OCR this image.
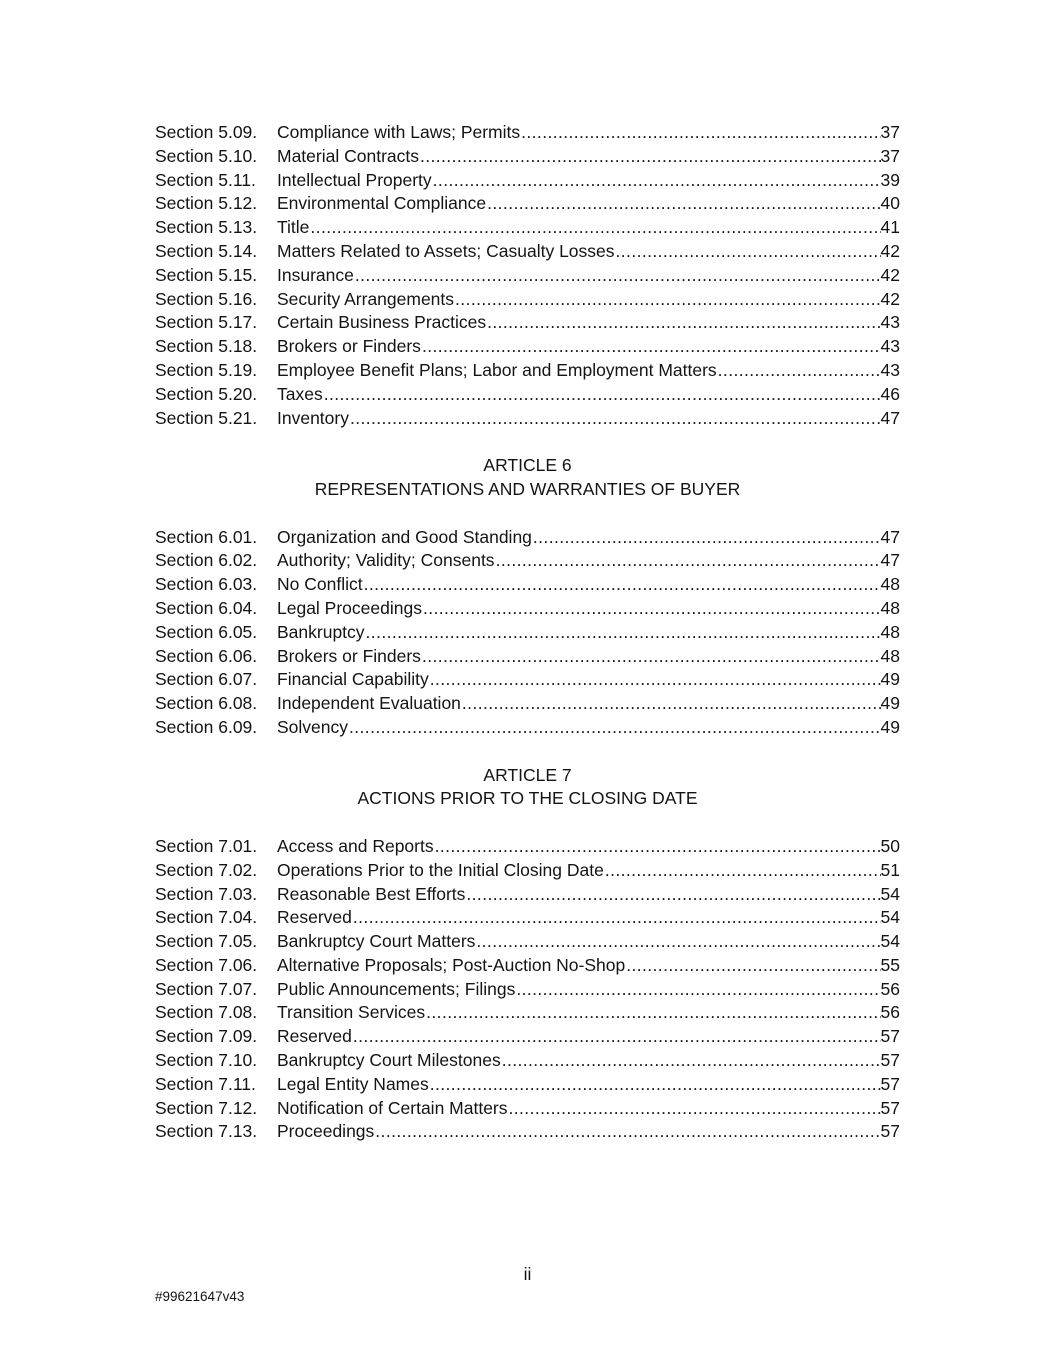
Section 5.09.	Compliance with Laws; Permits .....	37
Section 5.10.	Material Contracts .....	37
Section 5.11.	Intellectual Property .....	39
Section 5.12.	Environmental Compliance .....	40
Section 5.13.	Title .....	41
Section 5.14.	Matters Related to Assets; Casualty Losses .....	42
Section 5.15.	Insurance .....	42
Section 5.16.	Security Arrangements .....	42
Section 5.17.	Certain Business Practices .....	43
Section 5.18.	Brokers or Finders .....	43
Section 5.19.	Employee Benefit Plans; Labor and Employment Matters .....	43
Section 5.20.	Taxes .....	46
Section 5.21.	Inventory .....	47
ARTICLE 6
REPRESENTATIONS AND WARRANTIES OF BUYER
Section 6.01.	Organization and Good Standing .....	47
Section 6.02.	Authority; Validity; Consents .....	47
Section 6.03.	No Conflict .....	48
Section 6.04.	Legal Proceedings .....	48
Section 6.05.	Bankruptcy .....	48
Section 6.06.	Brokers or Finders .....	48
Section 6.07.	Financial Capability .....	49
Section 6.08.	Independent Evaluation .....	49
Section 6.09.	Solvency .....	49
ARTICLE 7
ACTIONS PRIOR TO THE CLOSING DATE
Section 7.01.	Access and Reports .....	50
Section 7.02.	Operations Prior to the Initial Closing Date .....	51
Section 7.03.	Reasonable Best Efforts .....	54
Section 7.04.	Reserved .....	54
Section 7.05.	Bankruptcy Court Matters .....	54
Section 7.06.	Alternative Proposals; Post-Auction No-Shop .....	55
Section 7.07.	Public Announcements; Filings .....	56
Section 7.08.	Transition Services .....	56
Section 7.09.	Reserved .....	57
Section 7.10.	Bankruptcy Court Milestones .....	57
Section 7.11.	Legal Entity Names .....	57
Section 7.12.	Notification of Certain Matters .....	57
Section 7.13.	Proceedings .....	57
ii
#99621647v43
